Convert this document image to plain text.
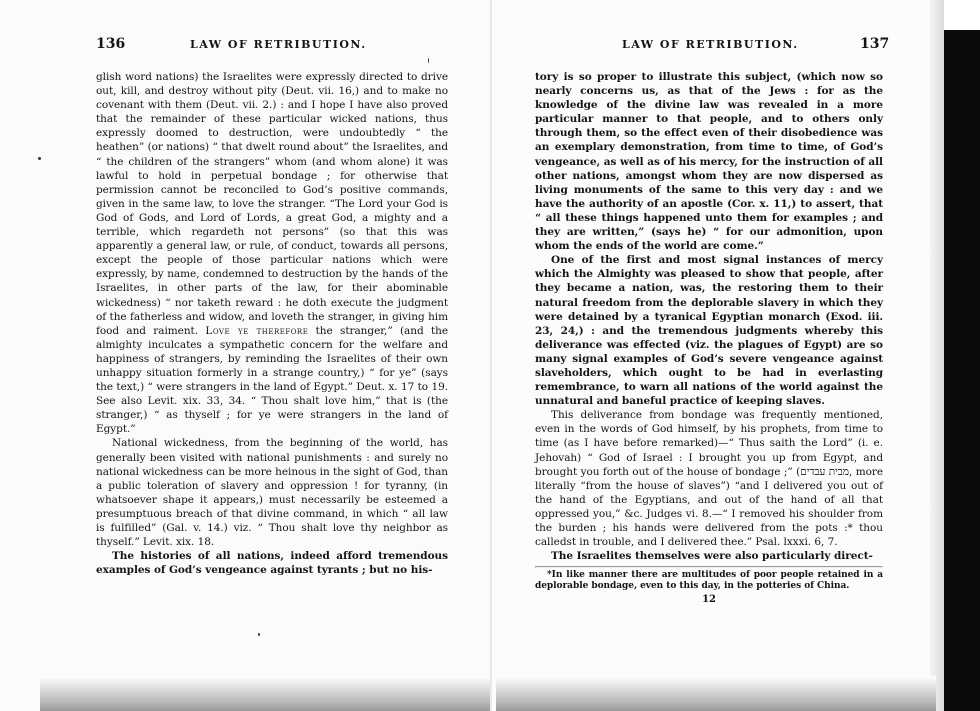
136	LAW OF RETRIBUTION.

glish word nations) the Israelites were expressly directed to drive out, kill, and destroy without pity (Deut. vii. 16,) and to make no covenant with them (Deut. vii. 2.) : and I hope I have also proved that the remainder of these particular wicked nations, thus expressly doomed to destruction, were undoubtedly “ the heathen” (or nations) “ that dwelt round about” the Israelites, and “ the children of the strangers” whom (and whom alone) it was lawful to hold in perpetual bondage ; for otherwise that permission cannot be reconciled to God’s positive commands, given in the same law, to love the stranger. “The Lord your God is God of Gods, and Lord of Lords, a great God, a mighty and a terrible, which regardeth not persons” (so that this was apparently a general law, or rule, of conduct, towards all persons, except the people of those particular nations which were expressly, by name, condemned to destruction by the hands of the Israelites, in other parts of the law, for their abominable wickedness) “ nor taketh reward : he doth execute the judgment of the fatherless and widow, and loveth the stranger, in giving him food and raiment. Love ye therefore the stranger,” (and the almighty inculcates a sympathetic concern for the welfare and happiness of strangers, by reminding the Israelites of their own unhappy situation formerly in a strange country,) “ for ye” (says the text,) “ were strangers in the land of Egypt.” Deut. x. 17 to 19. See also Levit. xix. 33, 34. “ Thou shalt love him,” that is (the stranger,) “ as thyself ; for ye were strangers in the land of Egypt.”

National wickedness, from the beginning of the world, has generally been visited with national punishments : and surely no national wickedness can be more heinous in the sight of God, than a public toleration of slavery and oppression ! for tyranny, (in whatsoever shape it appears,) must necessarily be esteemed a presumptuous breach of that divine command, in which “ all law is fulfilled” (Gal. v. 14.) viz. “ Thou shalt love thy neighbor as thyself.” Levit. xix. 18.

The histories of all nations, indeed afford tremendous examples of God’s vengeance against tyrants ; but no his-

LAW OF RETRIBUTION.	137

tory is so proper to illustrate this subject, (which now so nearly concerns us, as that of the Jews : for as the knowledge of the divine law was revealed in a more particular manner to that people, and to others only through them, so the effect even of their disobedience was an exemplary demonstration, from time to time, of God’s vengeance, as well as of his mercy, for the instruction of all other nations, amongst whom they are now dispersed as living monuments of the same to this very day : and we have the authority of an apostle (Cor. x. 11,) to assert, that “ all these things happened unto them for examples ; and they are written,” (says he) “ for our admonition, upon whom the ends of the world are come.”

One of the first and most signal instances of mercy which the Almighty was pleased to show that people, after they became a nation, was, the restoring them to their natural freedom from the deplorable slavery in which they were detained by a tyranical Egyptian monarch (Exod. iii. 23, 24,) : and the tremendous judgments whereby this deliverance was effected (viz. the plagues of Egypt) are so many signal examples of God’s severe vengeance against slaveholders, which ought to be had in everlasting remembrance, to warn all nations of the world against the unnatural and baneful practice of keeping slaves.

This deliverance from bondage was frequently mentioned, even in the words of God himself, by his prophets, from time to time (as I have before remarked)—“ Thus saith the Lord” (i. e. Jehovah) “ God of Israel : I brought you up from Egypt, and brought you forth out of the house of bondage ;” (מבית עבדים, more literally “from the house of slaves”) “and I delivered you out of the hand of the Egyptians, and out of the hand of all that oppressed you,” &c. Judges vi. 8.—“ I removed his shoulder from the burden ; his hands were delivered from the pots :* thou calledst in trouble, and I delivered thee.” Psal. lxxxi. 6, 7.

The Israelites themselves were also particularly direct-

*In like manner there are multitudes of poor people retained in a deplorable bondage, even to this day, in the potteries of China.
12
